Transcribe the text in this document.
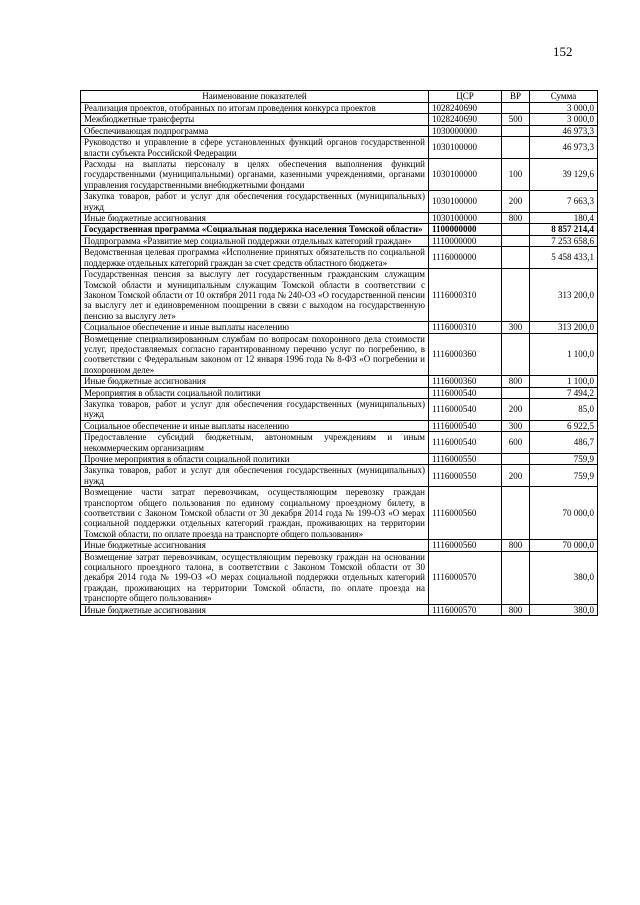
152
Наименование показателей	ЦСР	ВР	Сумма
Реализация проектов, отобранных по итогам проведения конкурса проектов	1028240690		3 000,0
Межбюджетные трансферты	1028240690	500	3 000,0
Обеспечивающая подпрограмма	1030000000		46 973,3
Руководство и управление в сфере установленных функций органов государственной власти субъекта Российской Федерации	1030100000		46 973,3
Расходы на выплаты персоналу в целях обеспечения выполнения функций государственными (муниципальными) органами, казенными учреждениями, органами управления государственными внебюджетными фондами	1030100000	100	39 129,6
Закупка товаров, работ и услуг для обеспечения государственных (муниципальных) нужд	1030100000	200	7 663,3
Иные бюджетные ассигнования	1030100000	800	180,4
Государственная программа «Социальная поддержка населения Томской области»	1100000000		8 857 214,4
Подпрограмма «Развитие мер социальной поддержки отдельных категорий граждан»	1110000000		7 253 658,6
Ведомственная целевая программа «Исполнение принятых обязательств по социальной поддержке отдельных категорий граждан за счет средств областного бюджета»	1116000000		5 458 433,1
Государственная пенсия за выслугу лет государственным гражданским служащим Томской области и муниципальным служащим Томской области в соответствии с Законом Томской области от 10 октября 2011 года № 240-ОЗ «О государственной пенсии за выслугу лет и единовременном поощрении в связи с выходом на государственную пенсию за выслугу лет»	1116000310		313 200,0
Социальное обеспечение и иные выплаты населению	1116000310	300	313 200,0
Возмещение специализированным службам по вопросам похоронного дела стоимости услуг, предоставляемых согласно гарантированному перечню услуг по погребению, в соответствии с Федеральным законом от 12 января 1996 года № 8-ФЗ «О погребении и похоронном деле»	1116000360		1 100,0
Иные бюджетные ассигнования	1116000360	800	1 100,0
Мероприятия в области социальной политики	1116000540		7 494,2
Закупка товаров, работ и услуг для обеспечения государственных (муниципальных) нужд	1116000540	200	85,0
Социальное обеспечение и иные выплаты населению	1116000540	300	6 922,5
Предоставление субсидий бюджетным, автономным учреждениям и иным некоммерческим организациям	1116000540	600	486,7
Прочие мероприятия в области социальной политики	1116000550		759,9
Закупка товаров, работ и услуг для обеспечения государственных (муниципальных) нужд	1116000550	200	759,9
Возмещение части затрат перевозчикам, осуществляющим перевозку граждан транспортом общего пользования по единому социальному проездному билету, в соответствии с Законом Томской области от 30 декабря 2014 года № 199-ОЗ «О мерах социальной поддержки отдельных категорий граждан, проживающих на территории Томской области, по оплате проезда на транспорте общего пользования»	1116000560		70 000,0
Иные бюджетные ассигнования	1116000560	800	70 000,0
Возмещение затрат перевозчикам, осуществляющим перевозку граждан на основании социального проездного талона, в соответствии с Законом Томской области от 30 декабря 2014 года № 199-ОЗ «О мерах социальной поддержки отдельных категорий граждан, проживающих на территории Томской области, по оплате проезда на транспорте общего пользования»	1116000570		380,0
Иные бюджетные ассигнования	1116000570	800	380,0
